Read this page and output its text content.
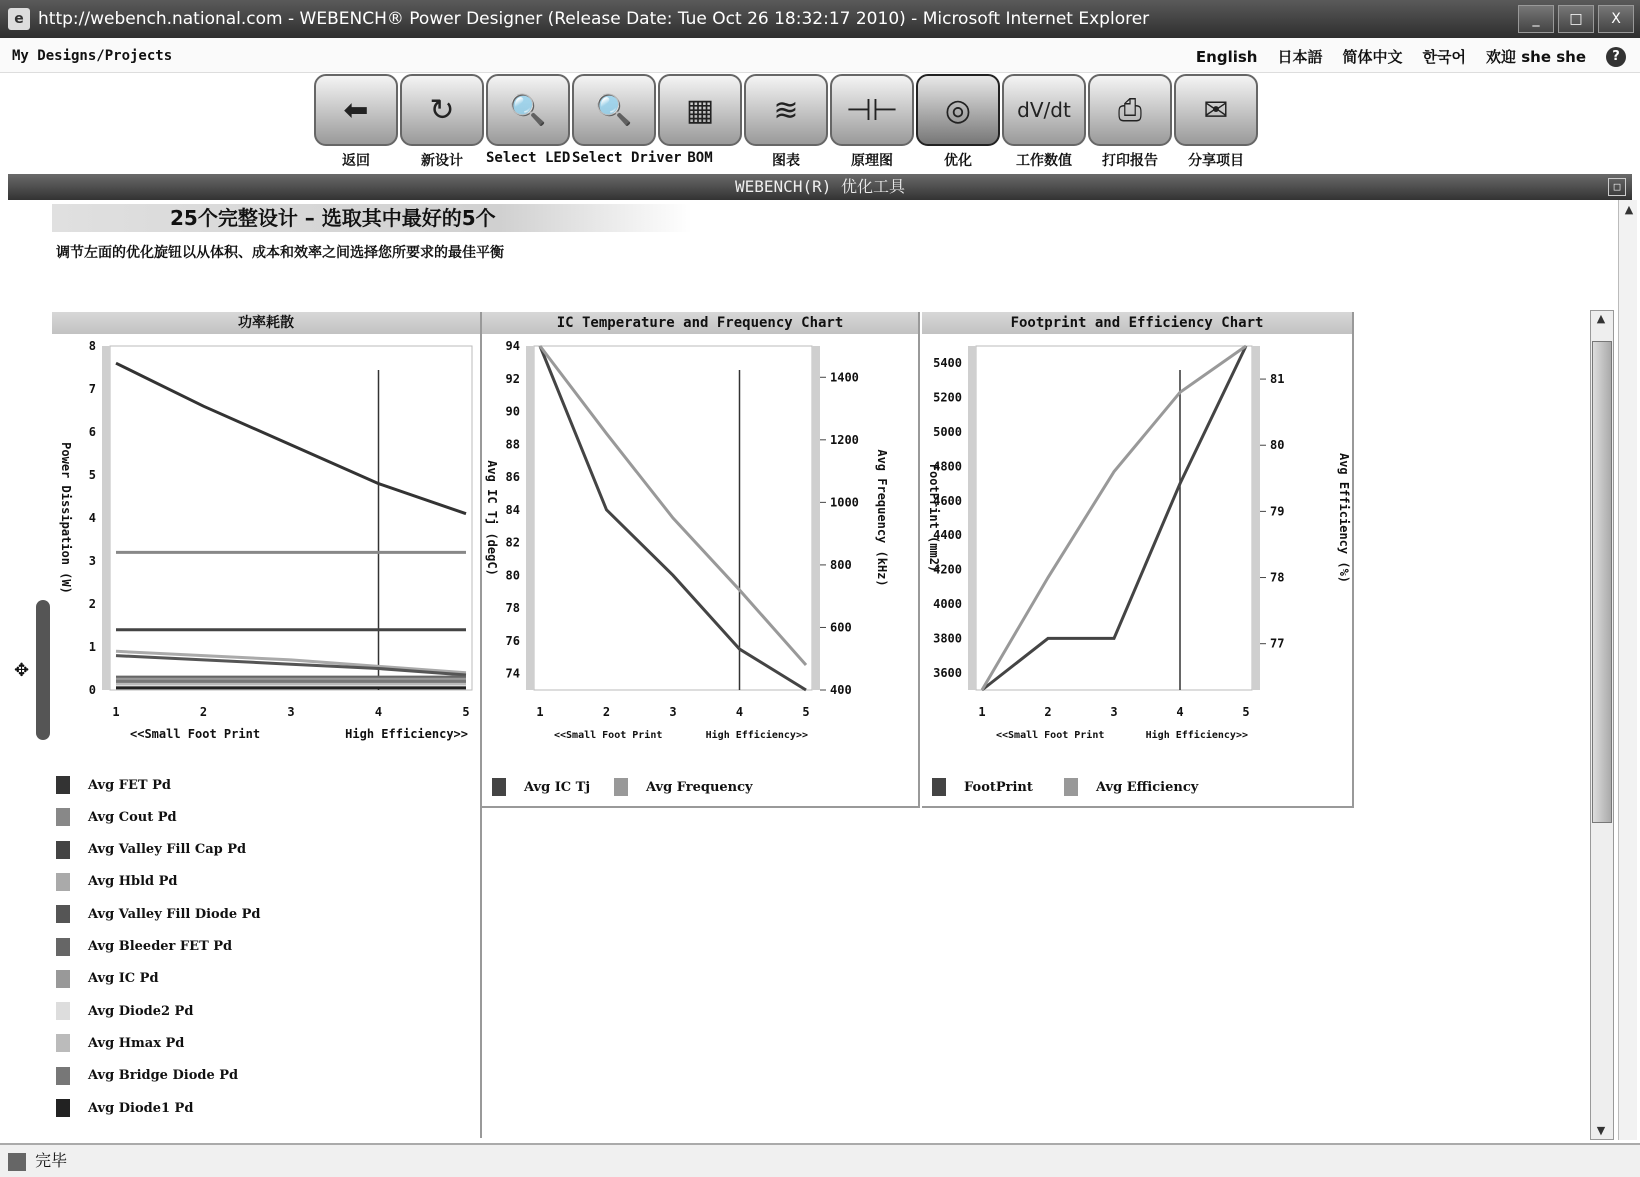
e http://webench.national.com - WEBENCH® Power Designer (Release Date: Tue Oct 26 18:32:17 2010) - Microsoft Internet Explorer	_	□	X
My Designs/Projects	English 日本語 简体中文 한국어 欢迎 she she	?
⬅
返回
↻
新设计
🔍
Select LED
🔍
Select Driver
▦
BOM
≋
图表
⊣⊢
原理图
◎
优化
dV/dt
工作数值
⎙
打印报告
✉
分享项目
WEBENCH(R) 优化工具	□
25个完整设计 – 选取其中最好的5个
调节左面的优化旋钮以从体积、成本和效率之间选择您所要求的最佳平衡
✥
功率耗散
0
1
2
3
4
5
6
7
8
1	2	3	4	5
<<Small Foot Print	High Efficiency>>
Power Dissipation (W)
Avg FET Pd
Avg Cout Pd
Avg Valley Fill Cap Pd
Avg Hbld Pd
Avg Valley Fill Diode Pd
Avg Bleeder FET Pd
Avg IC Pd
Avg Diode2 Pd
Avg Hmax Pd
Avg Bridge Diode Pd
Avg Diode1 Pd
IC Temperature and Frequency Chart
74
76
78
80
82
84
86
88
90
92
94
400
600
800
1000
1200
1400
1	2	3	4	5
<<Small Foot Print	High Efficiency>>
Avg IC Tj (degC)	Avg Frequency (kHz)
Avg IC Tj	Avg Frequency
Footprint and Efficiency Chart
3600
3800
4000
4200
4400
4600
4800
5000
5200
5400
77
78
79
80
81
1	2	3	4	5
<<Small Foot Print	High Efficiency>>
FootPrint (mm2)	Avg Efficiency (%)
FootPrint	Avg Efficiency
▲
▼
▲
完毕
